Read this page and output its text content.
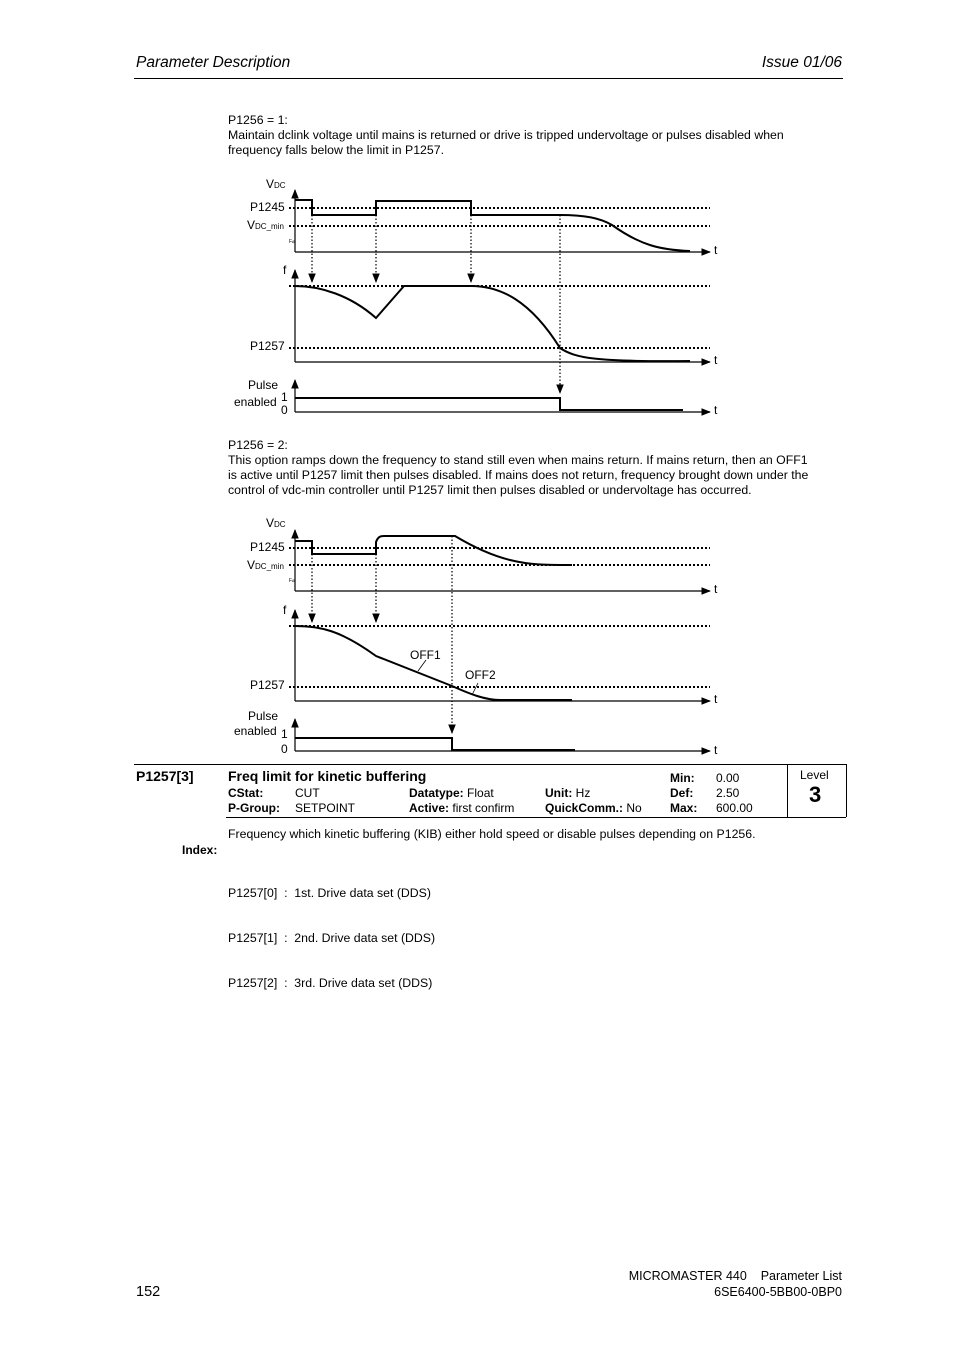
Parameter Description	Issue 01/06
P1256 = 1:
Maintain dclink voltage until mains is returned or drive is tripped undervoltage or pulses disabled when
frequency falls below the limit in P1257.
F⌀
VDC
P1245
VDC_min
t
f
P1257
t
Pulse
enabled 1
0	t
P1256 = 2:
This option ramps down the frequency to stand still even when mains return. If mains return, then an OFF1
is active until P1257 limit then pulses disabled. If mains does not return, frequency brought down under the
control of vdc-min controller until P1257 limit then pulses disabled or undervoltage has occurred.
F⌀
VDC
P1245
VDC_min
t
f
OFF1
OFF2
P1257
t
Pulse
enabled 1
0	t
P1257[3] Freq limit for kinetic buffering	Min: 0.00
CStat:	CUT	Datatype: Float	Unit: Hz	Def: 2.50
P-Group: SETPOINT	Active: first confirm	QuickComm.: No Max: 600.00
Level
3
Frequency which kinetic buffering (KIB) either hold speed or disable pulses depending on P1256.
Index:

P1257[0]  :  1st. Drive data set (DDS)

P1257[1]  :  2nd. Drive data set (DDS)

P1257[2]  :  3rd. Drive data set (DDS)

152
MICROMASTER 440    Parameter List
6SE6400-5BB00-0BP0
